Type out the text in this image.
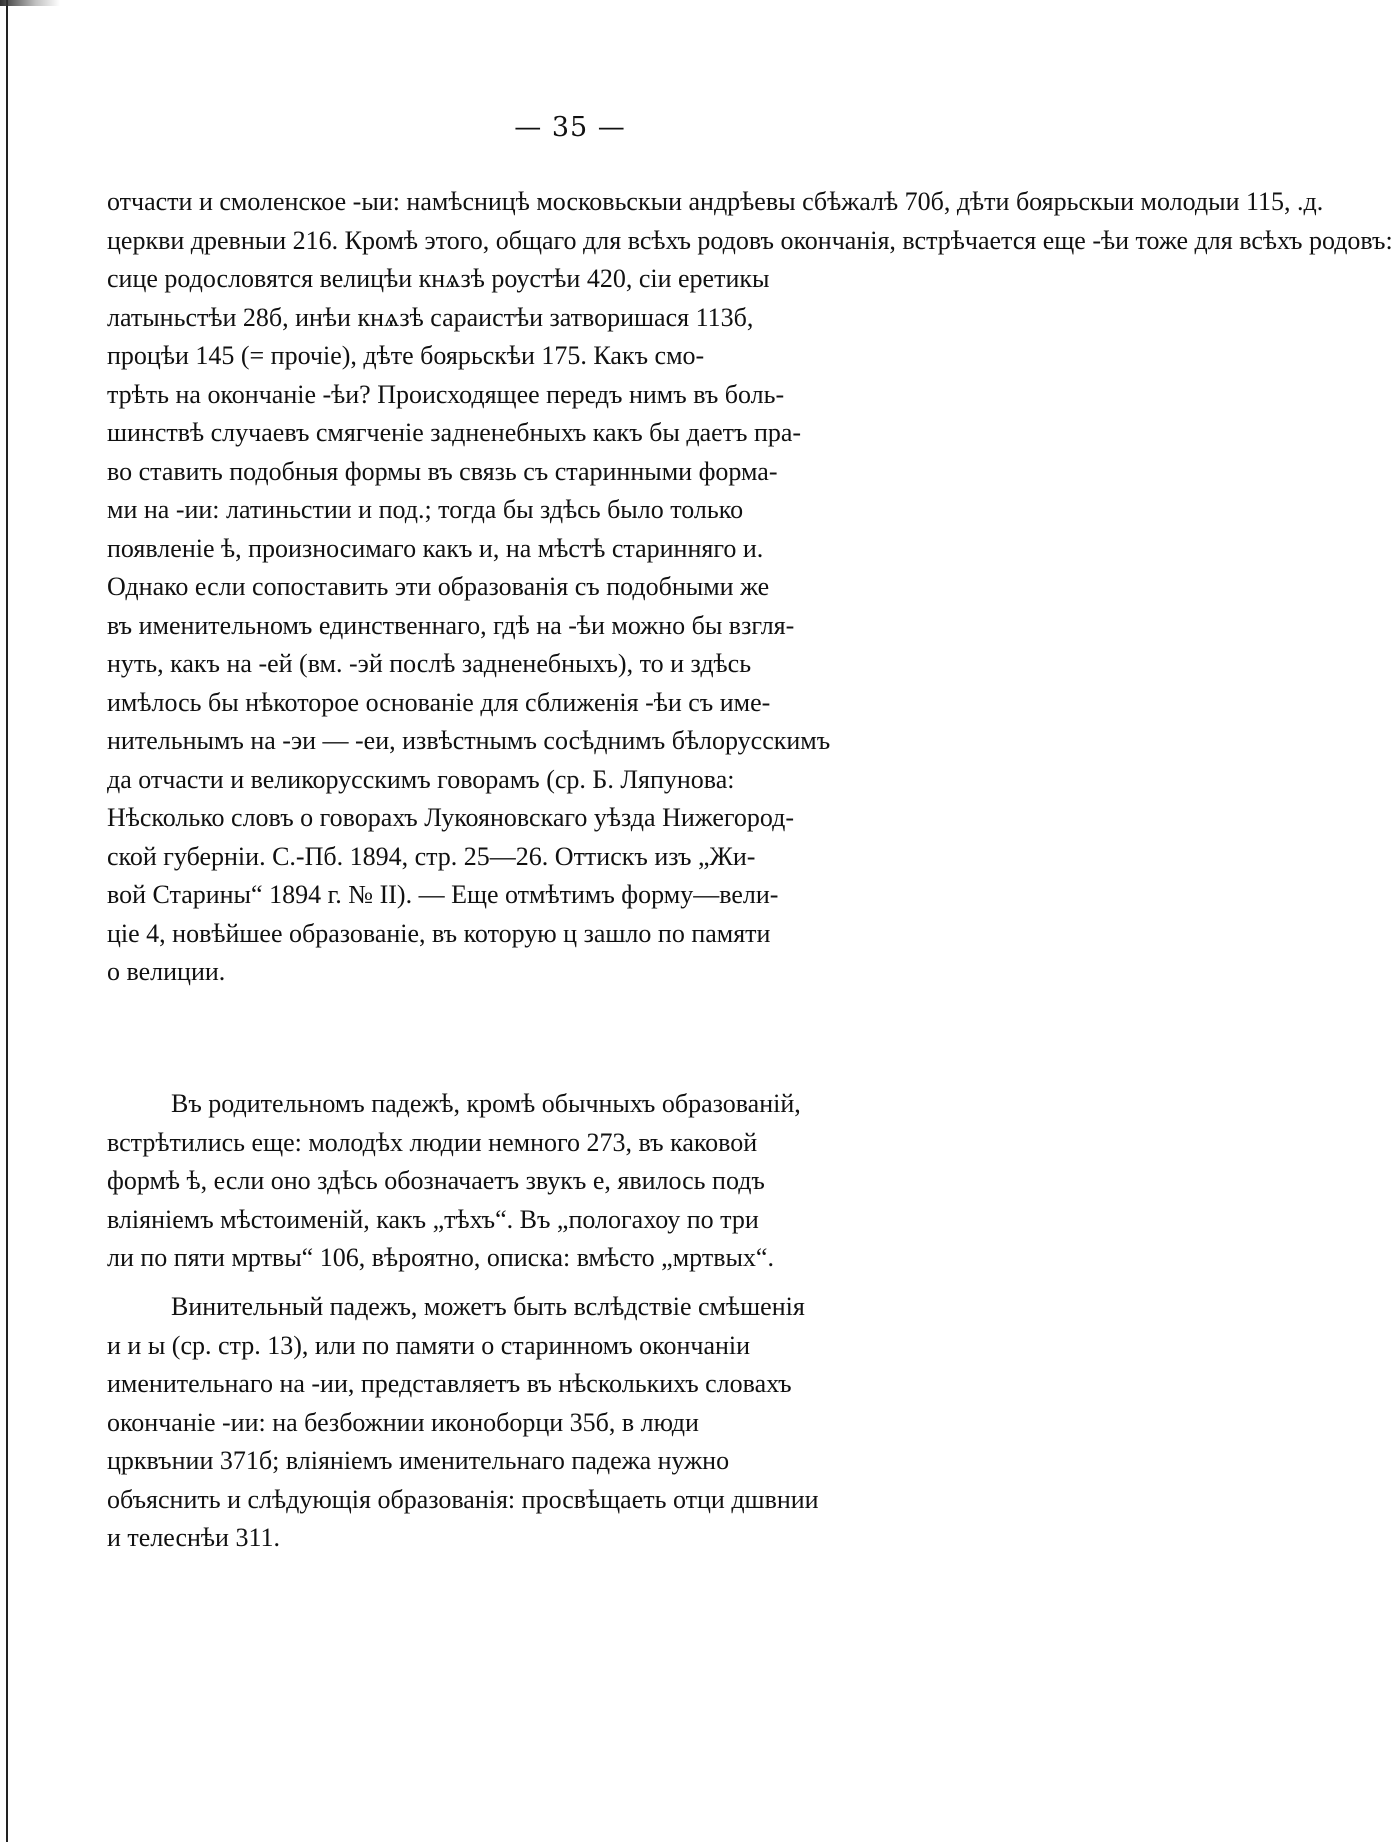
— 35 —
отчасти и смоленское -ыи: намѣсницѣ московьскыи андрѣевы сбѣжалѣ 70б, дѣти бояpьскыи молодыи 115, .д.
церкви древныи 216. Кромѣ этого, общаго для всѣхъ родовъ окончанія, встрѣчается еще -ѣи тоже для всѣхъ родовъ:
сице родословятся велицѣи кнѧзѣ роустѣи 420, сіи еретикы
латыньстѣи 28б, инѣи кнѧзѣ сараистѣи затворишася 113б,
процѣи 145 (= прочіе), дѣте бояpьскѣи 175. Какъ смо-
трѣть на окончаніе -ѣи? Происходящее передъ нимъ въ боль-
шинствѣ случаевъ смягченіе задненебныхъ какъ бы даетъ пра-
во ставить подобныя формы въ связь съ старинными форма-
ми на -ии: латиньстии и под.; тогда бы здѣсь было только
появленіе ѣ, произносимаго какъ и, на мѣстѣ старинняго и.
Однако если сопоставить эти образованія съ подобными же
въ именительномъ единственнаго, гдѣ на -ѣи можно бы взгля-
нуть, какъ на -ей (вм. -эй послѣ задненебныхъ), то и здѣсь
имѣлось бы нѣкоторое основаніе для сближенія -ѣи съ име-
нительнымъ на -эи — -еи, извѣстнымъ сосѣднимъ бѣлорусскимъ
да отчасти и великорусскимъ говорамъ (ср. Б. Ляпунова:
Нѣсколько словъ о говорахъ Лукояновскаго уѣзда Нижегород-
ской губерніи. С.-Пб. 1894, стр. 25—26. Оттискъ изъ „Жи-
вой Старины“ 1894 г. № II). — Еще отмѣтимъ форму—вели-
ціе 4, новѣйшее образованіе, въ которую ц зашло по памяти
о велиции.
Въ родительномъ падежѣ, кромѣ обычныхъ образованій,
встрѣтились еще: молодѣх людии немного 273, въ каковой
формѣ ѣ, если оно здѣсь обозначаетъ звукъ е, явилось подъ
вліяніемъ мѣстоименій, какъ „тѣхъ“. Въ „пологахоу по три
ли по пяти мртвы“ 106, вѣроятно, описка: вмѣсто „мртвых“.
Винительный падежъ, можетъ быть вслѣдствіе смѣшенія
и и ы (ср. стр. 13), или по памяти о старинномъ окончаніи
именительнаго на -ии, представляетъ въ нѣсколькихъ словахъ
окончаніе -ии: на безбожнии иконоборци 35б, в люди
црквънии 371б; вліяніемъ именительнаго падежа нужно
объяснить и слѣдующія образованія: просвѣщаеть отци дшвнии
и телеснѣи 311.
